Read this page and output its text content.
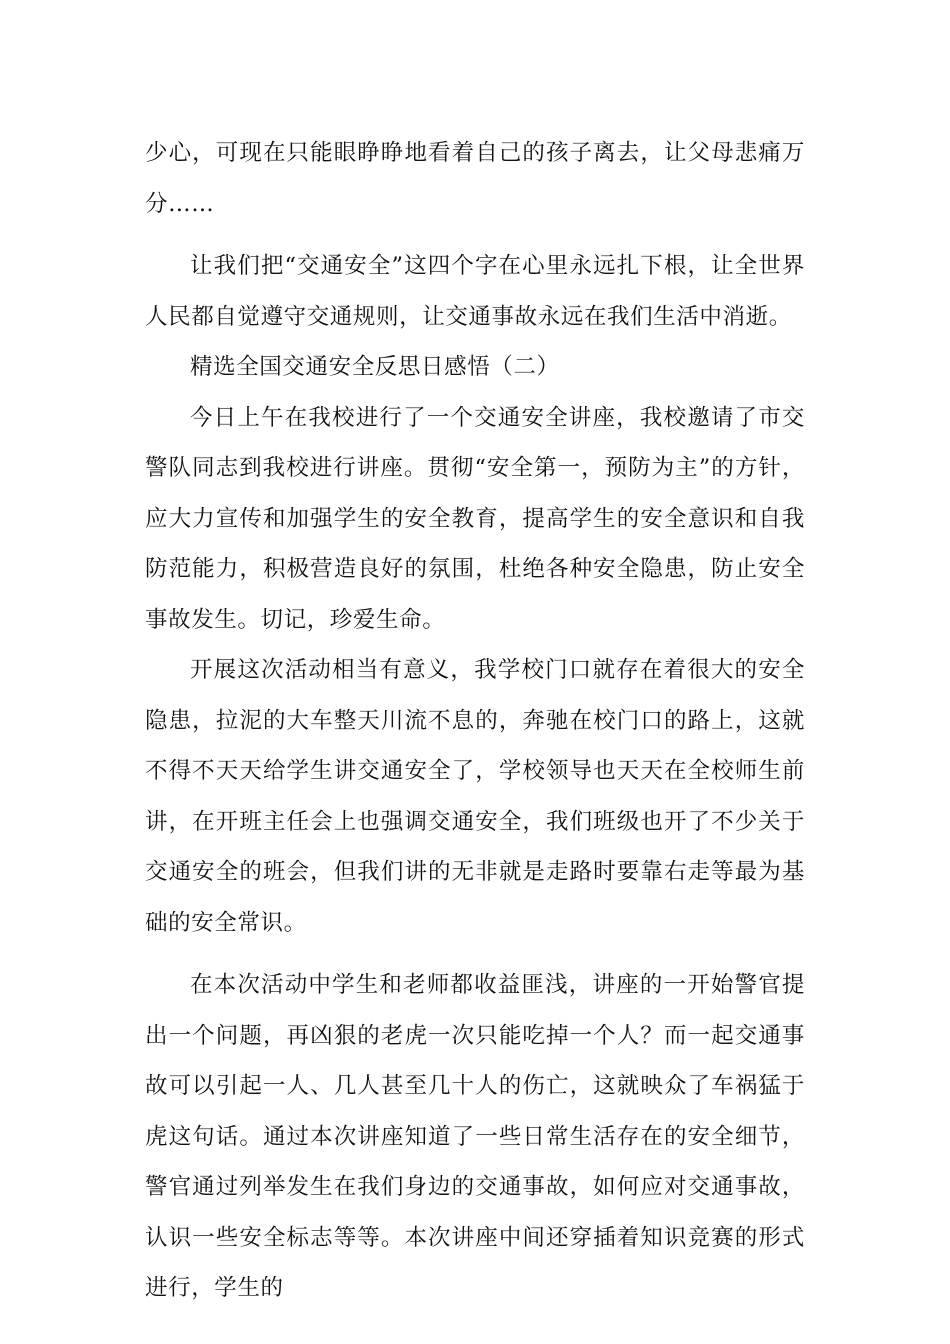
少心，可现在只能眼睁睁地看着自己的孩子离去，让父母悲痛万分……

让我们把“交通安全”这四个字在心里永远扎下根，让全世界人民都自觉遵守交通规则，让交通事故永远在我们生活中消逝。

精选全国交通安全反思日感悟（二）

今日上午在我校进行了一个交通安全讲座，我校邀请了市交警队同志到我校进行讲座。贯彻“安全第一，预防为主”的方针，应大力宣传和加强学生的安全教育，提高学生的安全意识和自我防范能力，积极营造良好的氛围，杜绝各种安全隐患，防止安全事故发生。切记，珍爱生命。

开展这次活动相当有意义，我学校门口就存在着很大的安全隐患，拉泥的大车整天川流不息的，奔驰在校门口的路上，这就不得不天天给学生讲交通安全了，学校领导也天天在全校师生前讲，在开班主任会上也强调交通安全，我们班级也开了不少关于交通安全的班会，但我们讲的无非就是走路时要靠右走等最为基础的安全常识。

在本次活动中学生和老师都收益匪浅，讲座的一开始警官提出一个问题，再凶狠的老虎一次只能吃掉一个人？而一起交通事故可以引起一人、几人甚至几十人的伤亡，这就映众了车祸猛于虎这句话。通过本次讲座知道了一些日常生活存在的安全细节，警官通过列举发生在我们身边的交通事故，如何应对交通事故，认识一些安全标志等等。本次讲座中间还穿插着知识竞赛的形式进行，学生的
